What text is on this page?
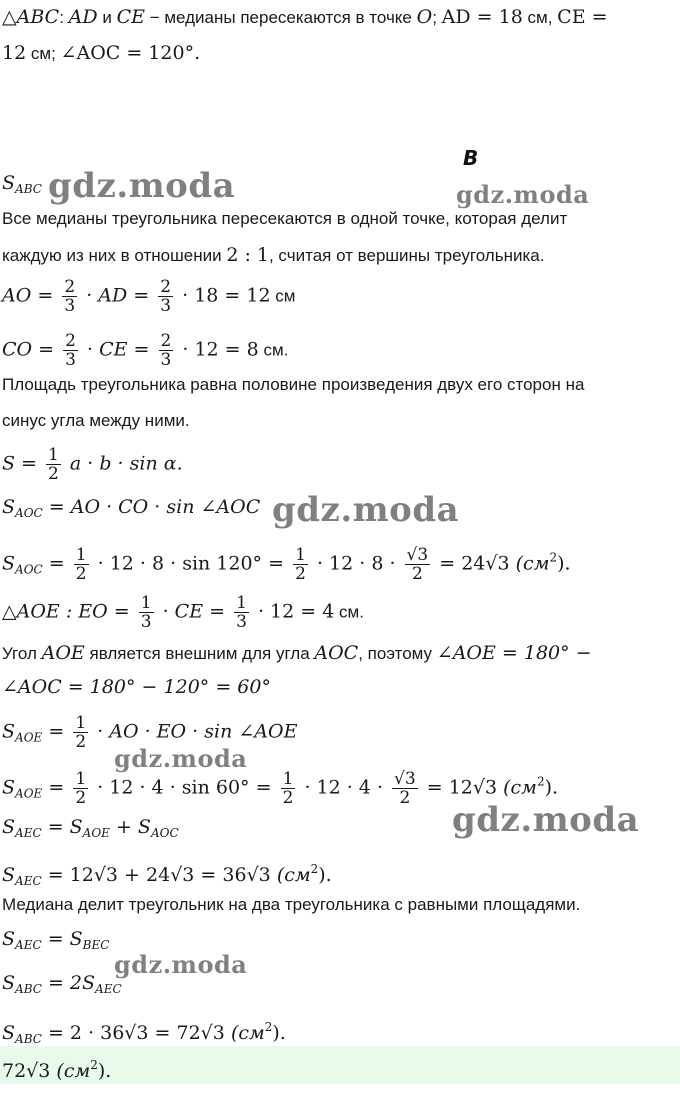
△ABC: AD и CE − медианы пересекаются в точке O; AD = 18 см, CE =
12 см; ∠AOC = 120°.
B
gdz.moda	gdz.moda
gdz.moda
gdz.moda
gdz.moda
gdz.moda
$S_{ABC}$
Все медианы треугольника пересекаются в одной точке, которая делит
каждую из них в отношении 2 : 1, считая от вершины треугольника.
AO = $\frac{2}{3}$ · AD = $\frac{2}{3} \cdot 18 = 12$ см
CO = $\frac{2}{3}$ · CE = $\frac{2}{3} \cdot 12 = 8$ см.
Площадь треугольника равна половине произведения двух его сторон на
синус угла между ними.
$S = \frac{1}{2}$ a · b · sin α.
$S_{AOC}$ = AO · CO · sin ∠AOC
$S_{AOC} = \frac{1}{2} \cdot 12 \cdot 8 \cdot \sin 120^\circ = \frac{1}{2} \cdot 12 \cdot 8 \cdot \frac{√3}{2} = 24√3$ $(см^2)$.
△AOE : EO = $\frac{1}{3}$ · CE = $\frac{1}{3} \cdot 12 = 4$ см.
Угол AOE является внешним для угла AOC, поэтому ∠AOE = 180° −
∠AOC = 180° − 120° = 60°
$S_{AOE} = \frac{1}{2}$ · AO · EO · sin ∠AOE
$S_{AOE} = \frac{1}{2} \cdot 12 \cdot 4 \cdot \sin 60^\circ = \frac{1}{2} \cdot 12 \cdot 4 \cdot \frac{√3}{2} = 12√3$ $(см^2)$.
$S_{AEC} = S_{AOE} + S_{AOC}$
$S_{AEC} = 12√3 + 24√3 = 36√3$ $(см^2)$.
Медиана делит треугольник на два треугольника с равными площадями.
$S_{AEC} = S_{BEC}$
$S_{ABC} = 2S_{AEC}$
$S_{ABC} = 2 \cdot 36√3 = 72√3$ $(см^2)$.
72√3 $(см^2)$.
